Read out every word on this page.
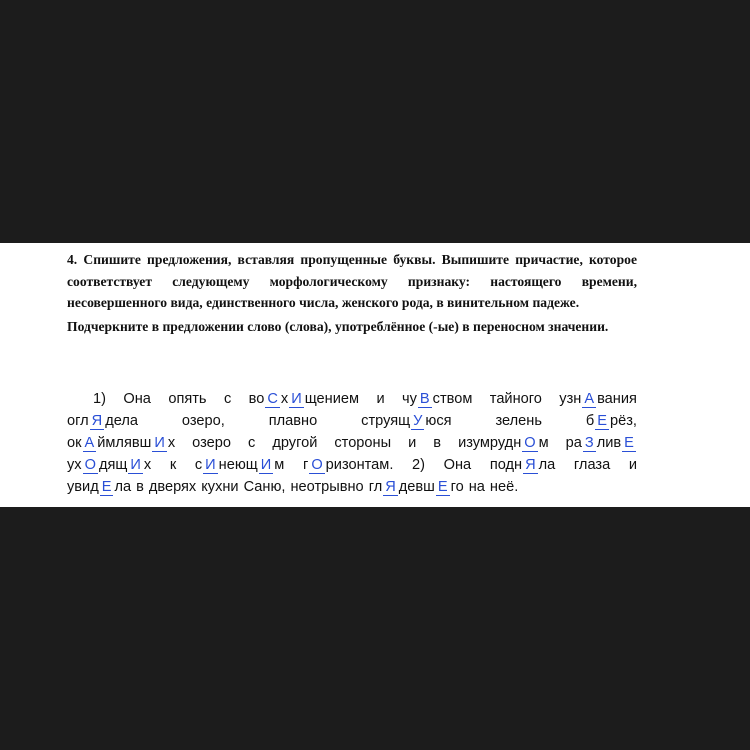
4. Спишите предложения, вставляя пропущенные буквы. Выпишите причастие, которое соответствует следующему морфологическому признаку: настоящего времени, несовершенного вида, единственного числа, женского рода, в винительном падеже.

Подчеркните в предложении слово (слова), употреблённое (-ые) в переносном значении.

1) Она опять с во С х И щением и чу В ством тайного узн А вания
огл Я дела	озеро,	плавно	струящ У юся	зелень	б Е рёз,
ок А ймлявш И х озеро с другой стороны и в изумрудн О м ра З лив Е
ух О дящ И х к с И неющ И м г О ризонтам. 2) Она подн Я ла глаза и
увид Е ла в дверях кухни Саню, неотрывно гл Я девш Е го на неё.
